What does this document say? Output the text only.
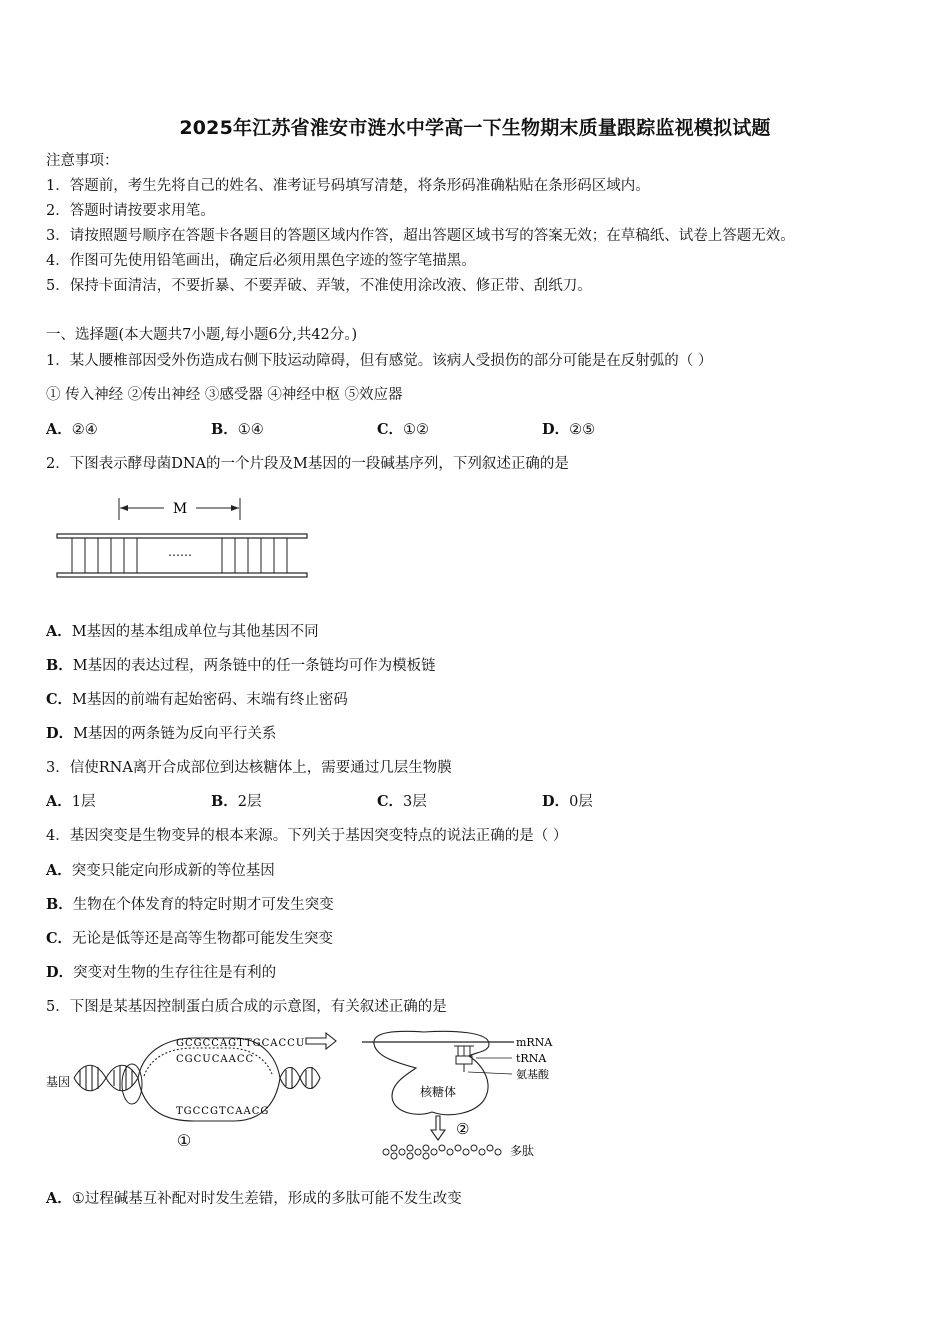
2025年江苏省淮安市涟水中学高一下生物期末质量跟踪监视模拟试题
注意事项：
1．答题前，考生先将自己的姓名、准考证号码填写清楚，将条形码准确粘贴在条形码区域内。
2．答题时请按要求用笔。
3．请按照题号顺序在答题卡各题目的答题区域内作答，超出答题区域书写的答案无效；在草稿纸、试卷上答题无效。
4．作图可先使用铅笔画出，确定后必须用黑色字迹的签字笔描黑。
5．保持卡面清洁，不要折暴、不要弄破、弄皱，不准使用涂改液、修正带、刮纸刀。
一、选择题(本大题共7小题,每小题6分,共42分。)
1．某人腰椎部因受外伤造成右侧下肢运动障碍，但有感觉。该病人受损伤的部分可能是在反射弧的（ ）
① 传入神经 ②传出神经 ③感受器 ④神经中枢 ⑤效应器
A．②④	B．①④	C．①②	D．②⑤
2．下图表示酵母菌DNA的一个片段及M基因的一段碱基序列，下列叙述正确的是
M
……
A．M基因的基本组成单位与其他基因不同
B．M基因的表达过程，两条链中的任一条链均可作为模板链
C．M基因的前端有起始密码、末端有终止密码
D．M基因的两条链为反向平行关系
3．信使RNA离开合成部位到达核糖体上，需要通过几层生物膜
A．1层	B．2层	C．3层	D．0层
4．基因突变是生物变异的根本来源。下列关于基因突变特点的说法正确的是（ ）
A．突变只能定向形成新的等位基因
B．生物在个体发育的特定时期才可发生突变
C．无论是低等还是高等生物都可能发生突变
D．突变对生物的生存往往是有利的
5．下图是某基因控制蛋白质合成的示意图，有关叙述正确的是
基因
GCGCCAGTTGCACCU
CGCUCAACC
TGCCGTCAACG
①
mRNA
tRNA
氨基酸
核糖体
②
多肽
A．①过程碱基互补配对时发生差错，形成的多肽可能不发生改变
